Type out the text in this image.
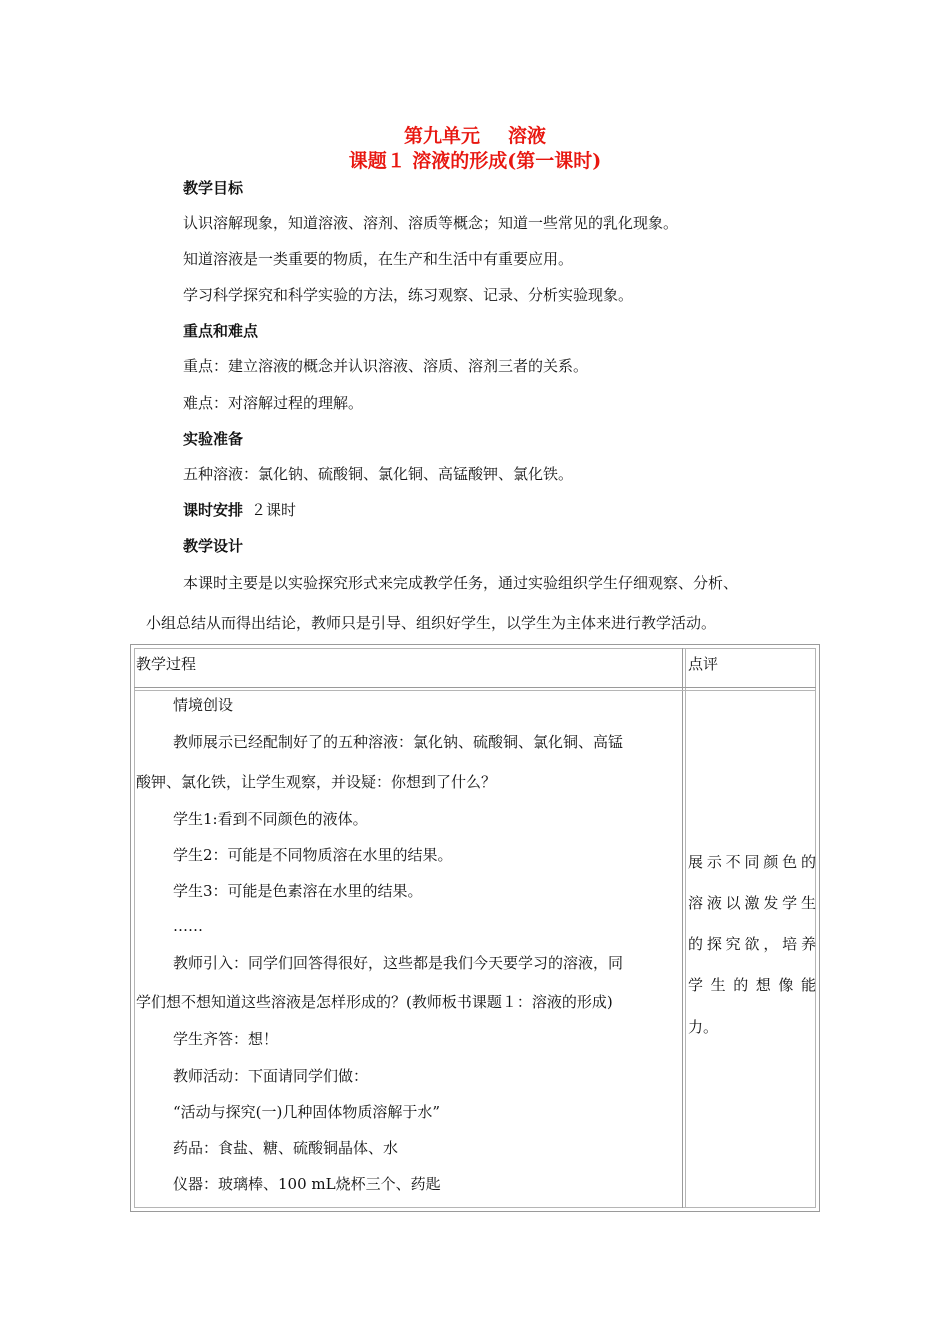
第九单元 溶液
课题１ 溶液的形成(第一课时)
教学目标
认识溶解现象，知道溶液、溶剂、溶质等概念；知道一些常见的乳化现象。
知道溶液是一类重要的物质，在生产和生活中有重要应用。
学习科学探究和科学实验的方法，练习观察、记录、分析实验现象。
重点和难点
重点：建立溶液的概念并认识溶液、溶质、溶剂三者的关系。
难点：对溶解过程的理解。
实验准备
五种溶液：氯化钠、硫酸铜、氯化铜、高锰酸钾、氯化铁。
课时安排 ２课时
教学设计
本课时主要是以实验探究形式来完成教学任务，通过实验组织学生仔细观察、分析、
小组总结从而得出结论，教师只是引导、组织好学生，以学生为主体来进行教学活动。
教学过程	点评
情境创设
教师展示已经配制好了的五种溶液：氯化钠、硫酸铜、氯化铜、高锰
酸钾、氯化铁，让学生观察，并设疑：你想到了什么？
学生1:看到不同颜色的液体。
学生2：可能是不同物质溶在水里的结果。
学生3：可能是色素溶在水里的结果。
……
教师引入：同学们回答得很好，这些都是我们今天要学习的溶液，同
学们想不想知道这些溶液是怎样形成的？(教师板书课题１：溶液的形成)
学生齐答：想！
教师活动：下面请同学们做：
“活动与探究(一)几种固体物质溶解于水”
药品：食盐、糖、硫酸铜晶体、水
仪器：玻璃棒、100 mL烧杯三个、药匙
展示不同颜色的
溶液以激发学生
的探究欲，培养
学生的想像能
力。
